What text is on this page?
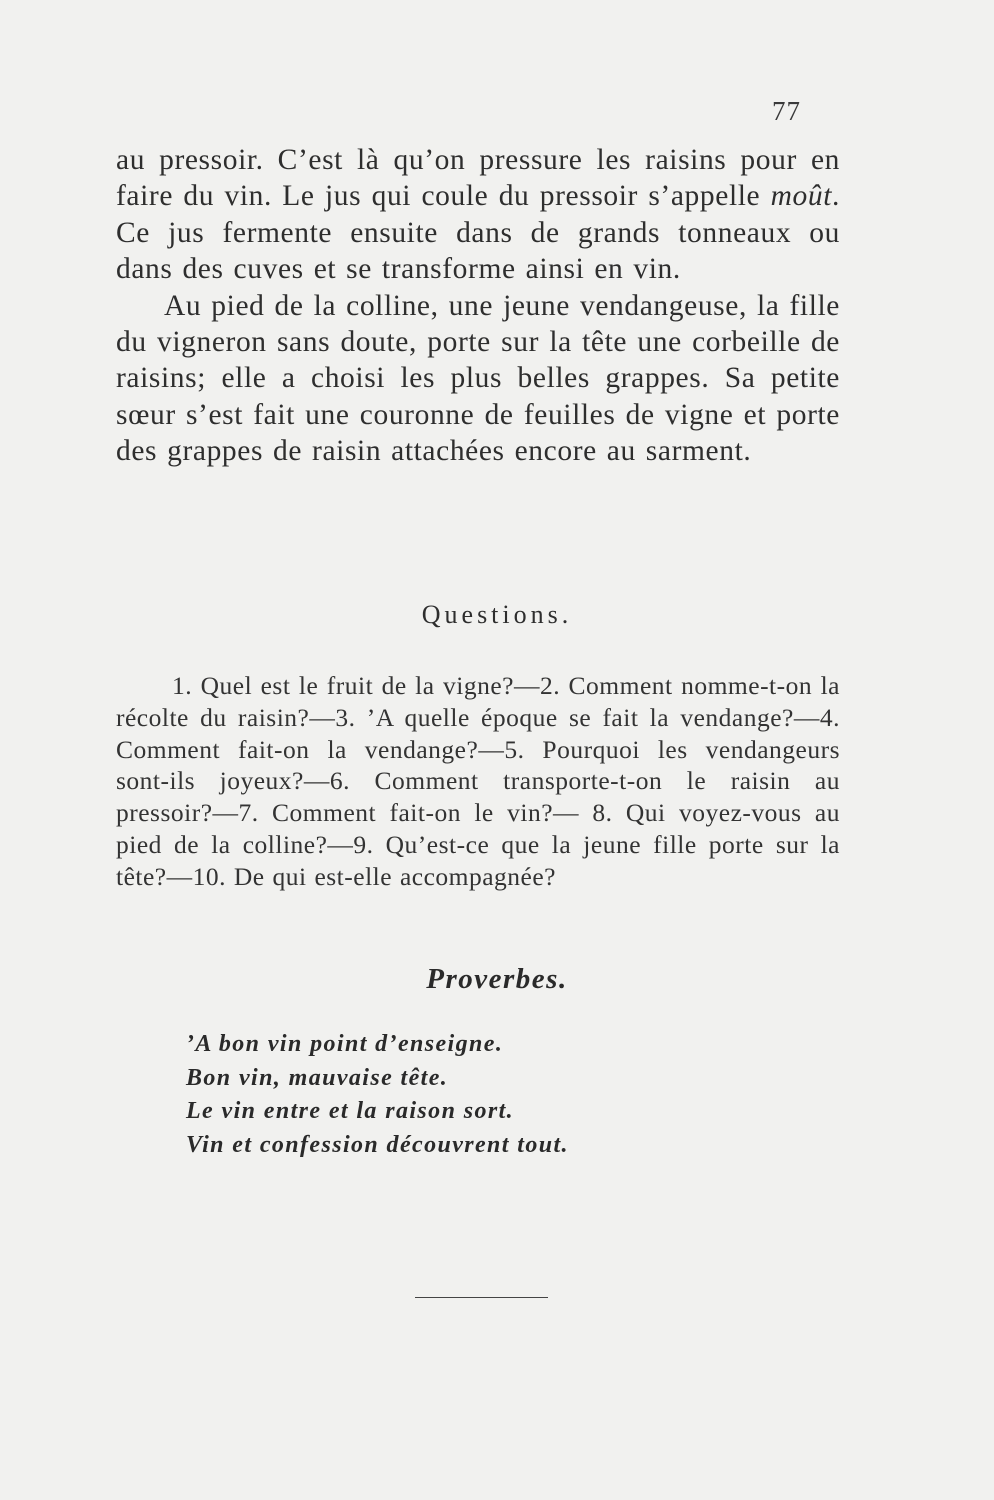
77

au pressoir. C’est là qu’on pressure les raisins pour en faire du vin. Le jus qui coule du pressoir s’appelle moût. Ce jus fermente ensuite dans de grands tonneaux ou dans des cuves et se transforme ainsi en vin.

Au pied de la colline, une jeune vendangeuse, la fille du vigneron sans doute, porte sur la tête une corbeille de raisins; elle a choisi les plus belles grappes. Sa petite sœur s’est fait une couronne de feuilles de vigne et porte des grappes de raisin attachées encore au sarment.

Questions.

1. Quel est le fruit de la vigne?—2. Comment nomme-t-on la récolte du raisin?—3. ’A quelle époque se fait la vendange?—4. Comment fait-on la vendange?—5. Pourquoi les vendangeurs sont-ils joyeux?—6. Comment transporte-t-on le raisin au pressoir?—7. Comment fait-on le vin?— 8. Qui voyez-vous au pied de la colline?—9. Qu’est-ce que la jeune fille porte sur la tête?—10. De qui est-elle accompagnée?

Proverbes.
’A bon vin point d’enseigne.
Bon vin, mauvaise tête.
Le vin entre et la raison sort.
Vin et confession découvrent tout.
